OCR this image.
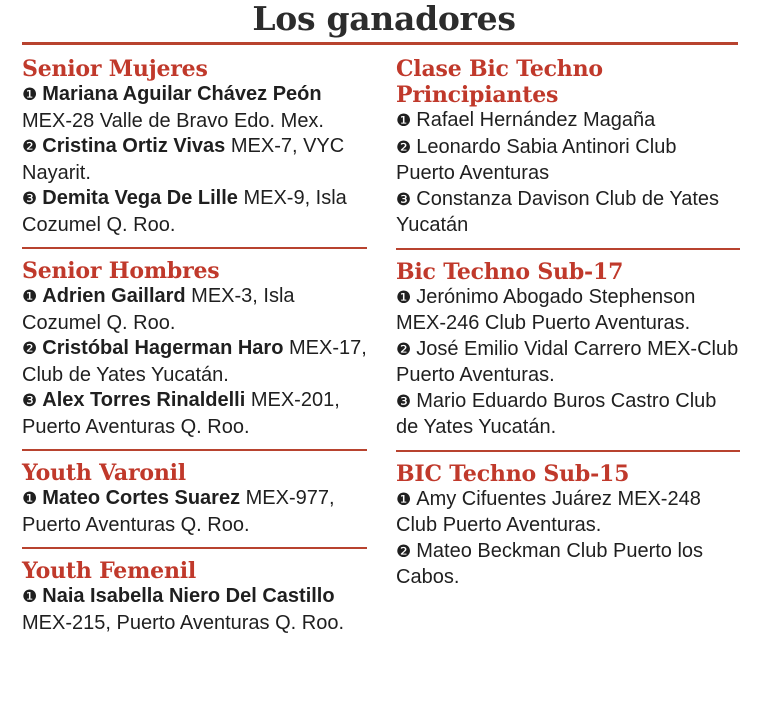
Los ganadores
Senior Mujeres

❶ Mariana Aguilar Chávez Peón MEX-28 Valle de Bravo Edo. Mex.

❷ Cristina Ortiz Vivas MEX-7, VYC Nayarit.

❸ Demita Vega De Lille MEX-9, Isla Cozumel Q. Roo.

Senior Hombres

❶ Adrien Gaillard MEX-3, Isla Cozumel Q. Roo.

❷ Cristóbal Hagerman Haro MEX-17, Club de Yates Yucatán.

❸ Alex Torres Rinaldelli MEX-201, Puerto Aventuras Q. Roo.

Youth Varonil

❶ Mateo Cortes Suarez MEX-977, Puerto Aventuras Q. Roo.

Youth Femenil

❶ Naia Isabella Niero Del Castillo MEX-215, Puerto Aventuras Q. Roo.

Clase Bic Techno Principiantes

❶ Rafael Hernández Magaña

❷ Leonardo Sabia Antinori Club Puerto Aventuras

❸ Constanza Davison Club de Yates Yucatán

Bic Techno Sub-17

❶ Jerónimo Abogado Stephenson MEX-246 Club Puerto Aventuras.

❷ José Emilio Vidal Carrero MEX-Club Puerto Aventuras.

❸ Mario Eduardo Buros Castro Club de Yates Yucatán.

BIC Techno Sub-15

❶ Amy Cifuentes Juárez MEX-248 Club Puerto Aventuras.

❷ Mateo Beckman Club Puerto los Cabos.
